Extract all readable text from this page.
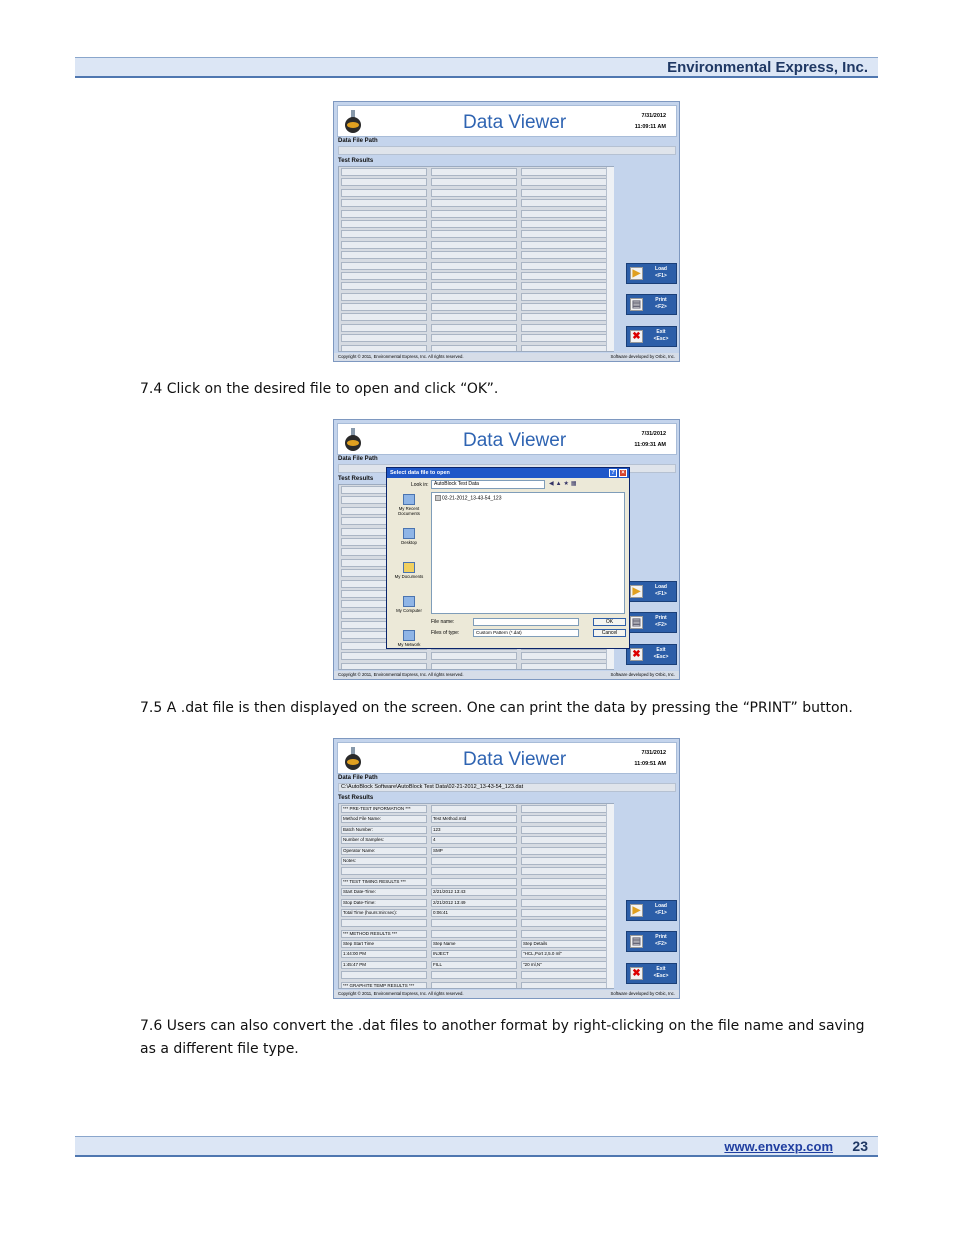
Environmental Express, Inc.
Data Viewer	7/31/2012
11:09:11 AM
Data File Path
Test Results
▶	Load
<F1>
▤	Print
<F2>
✖	Exit
<Esc>
Copyright © 2011, Environmental Express, Inc. All rights reserved.	Software developed by Orbic, Inc.
7.4 Click on the desired file to open and click “OK”.
Data Viewer	7/31/2012
11:09:31 AM
Data File Path
Test Results
▶	Load
<F1>
▤	Print
<F2>
✖	Exit
<Esc>
Copyright © 2011, Environmental Express, Inc. All rights reserved.	Software developed by Orbic, Inc.
Select data file to open	?	×
Look in:	AutoBlock Test Data	◀▲★▦
My Recent Documents
Desktop
My Documents
My Computer
My Network
02-21-2012_13-43-54_123
File name:
Files of type:	Custom Pattern (*.dat)
OK
Cancel
7.5 A .dat file is then displayed on the screen. One can print the data by pressing the “PRINT” button.
Data Viewer	7/31/2012
11:09:51 AM
Data File Path
C:\AutoBlock Software\AutoBlock Test Data\02-21-2012_13-43-54_123.dat
Test Results
*** PRE-TEST INFORMATION ***
Method File Name:	Test Method.mtd
Batch Number:	123
Number of Samples:	4
Operator Name:	SMP
Notes:
*** TEST TIMING RESULTS ***
Start Date-Time:	2/21/2012 13:43
Stop Date-Time:	2/21/2012 13:49
Total Time (hours:min:sec):	0:06:41
*** METHOD RESULTS ***
Step Start Time	Step Name	Step Details
1:44:00 PM	INJECT	"HCL,Port 2,5.0 ml"
1:45:47 PM	FILL	"20 ml,N"
*** GRAPHITE TEMP RESULTS ***
▶	Load
<F1>
▤	Print
<F2>
✖	Exit
<Esc>
Copyright © 2011, Environmental Express, Inc. All rights reserved.	Software developed by Orbic, Inc.
7.6 Users can also convert the .dat files to another format by right-clicking on the file name and saving as a different file type.
www.envexp.com 23
